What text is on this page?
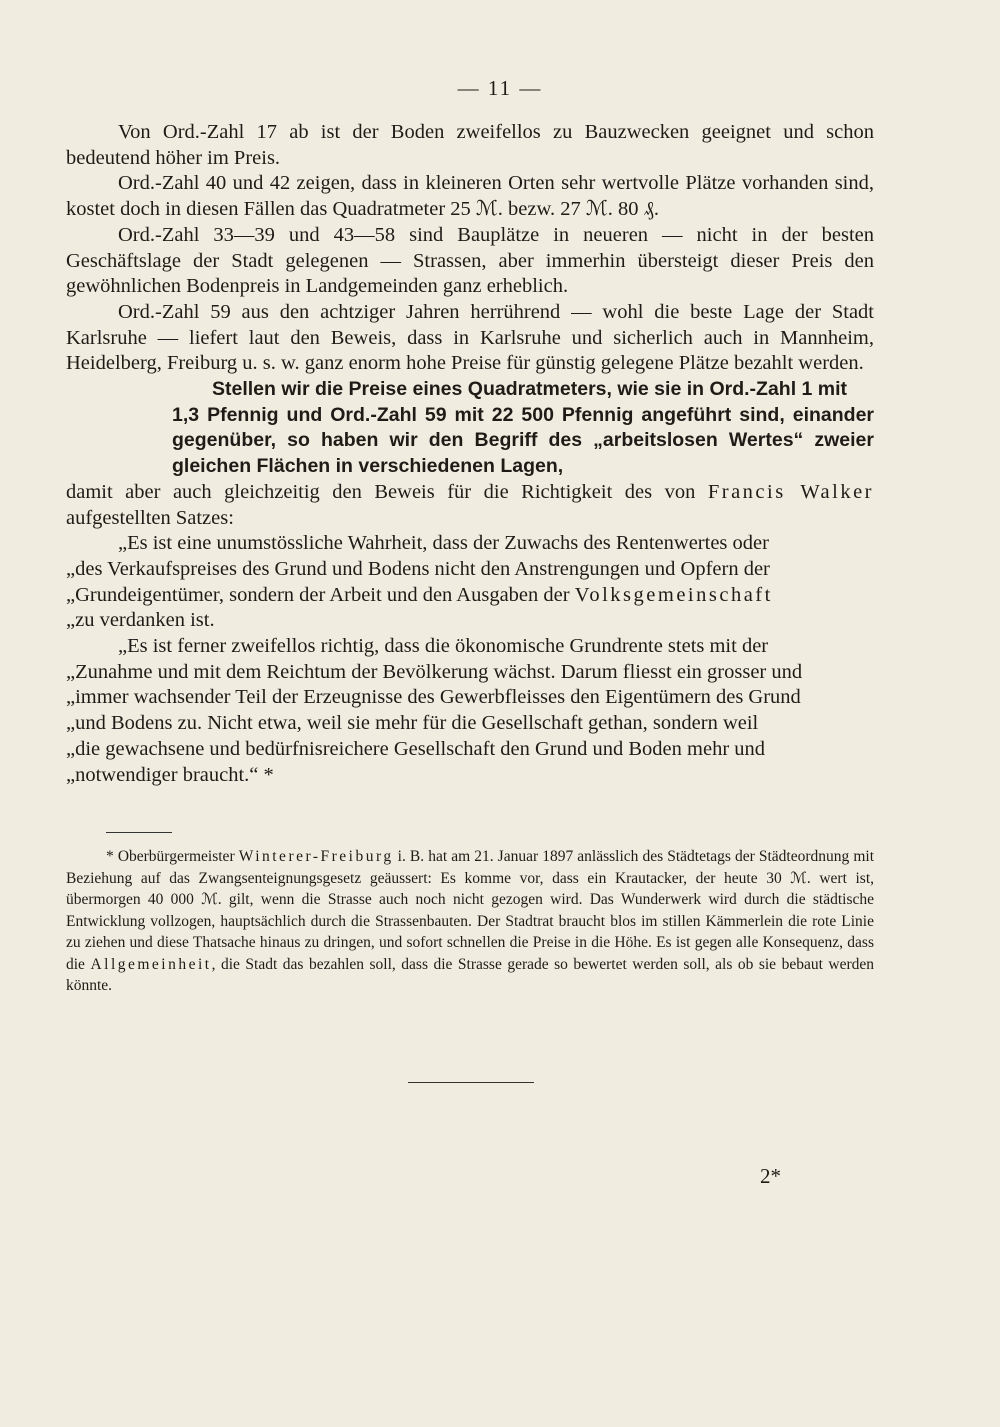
— 11 —

Von Ord.-Zahl 17 ab ist der Boden zweifellos zu Bauzwecken geeignet und schon bedeutend höher im Preis.

Ord.-Zahl 40 und 42 zeigen, dass in kleineren Orten sehr wertvolle Plätze vorhanden sind, kostet doch in diesen Fällen das Quadratmeter 25 ℳ. bezw. 27 ℳ. 80 ₰.

Ord.-Zahl 33—39 und 43—58 sind Bauplätze in neueren — nicht in der besten Geschäftslage der Stadt gelegenen — Strassen, aber immerhin übersteigt dieser Preis den gewöhnlichen Bodenpreis in Landgemeinden ganz erheblich.

Ord.-Zahl 59 aus den achtziger Jahren herrührend — wohl die beste Lage der Stadt Karlsruhe — liefert laut den Beweis, dass in Karlsruhe und sicherlich auch in Mannheim, Heidelberg, Freiburg u. s. w. ganz enorm hohe Preise für günstig gelegene Plätze bezahlt werden.

Stellen wir die Preise eines Quadratmeters, wie sie in Ord.-Zahl 1 mit
1,3 Pfennig und Ord.-Zahl 59 mit 22 500 Pfennig angeführt sind, einander gegenüber, so haben wir den Begriff des „arbeitslosen Wertes“ zweier gleichen Flächen in verschiedenen Lagen,

damit aber auch gleichzeitig den Beweis für die Richtigkeit des von Francis Walker aufgestellten Satzes:

„Es ist eine unumstössliche Wahrheit, dass der Zuwachs des Rentenwertes oder

„des Verkaufspreises des Grund und Bodens nicht den Anstrengungen und Opfern der

„Grundeigentümer, sondern der Arbeit und den Ausgaben der Volksgemeinschaft

„zu verdanken ist.

„Es ist ferner zweifellos richtig, dass die ökonomische Grundrente stets mit der

„Zunahme und mit dem Reichtum der Bevölkerung wächst. Darum fliesst ein grosser und

„immer wachsender Teil der Erzeugnisse des Gewerbfleisses den Eigentümern des Grund

„und Bodens zu. Nicht etwa, weil sie mehr für die Gesellschaft gethan, sondern weil

„die gewachsene und bedürfnisreichere Gesellschaft den Grund und Boden mehr und

„notwendiger braucht.“ *

* Oberbürgermeister Winterer-Freiburg i. B. hat am 21. Januar 1897 anlässlich des Städtetags der Städteordnung mit Beziehung auf das Zwangsenteignungsgesetz geäussert: Es komme vor, dass ein Krautacker, der heute 30 ℳ. wert ist, übermorgen 40 000 ℳ. gilt, wenn die Strasse auch noch nicht gezogen wird. Das Wunderwerk wird durch die städtische Entwicklung vollzogen, hauptsächlich durch die Strassenbauten. Der Stadtrat braucht blos im stillen Kämmerlein die rote Linie zu ziehen und diese Thatsache hinaus zu dringen, und sofort schnellen die Preise in die Höhe. Es ist gegen alle Konsequenz, dass die Allgemeinheit, die Stadt das bezahlen soll, dass die Strasse gerade so bewertet werden soll, als ob sie bebaut werden könnte.

2*
